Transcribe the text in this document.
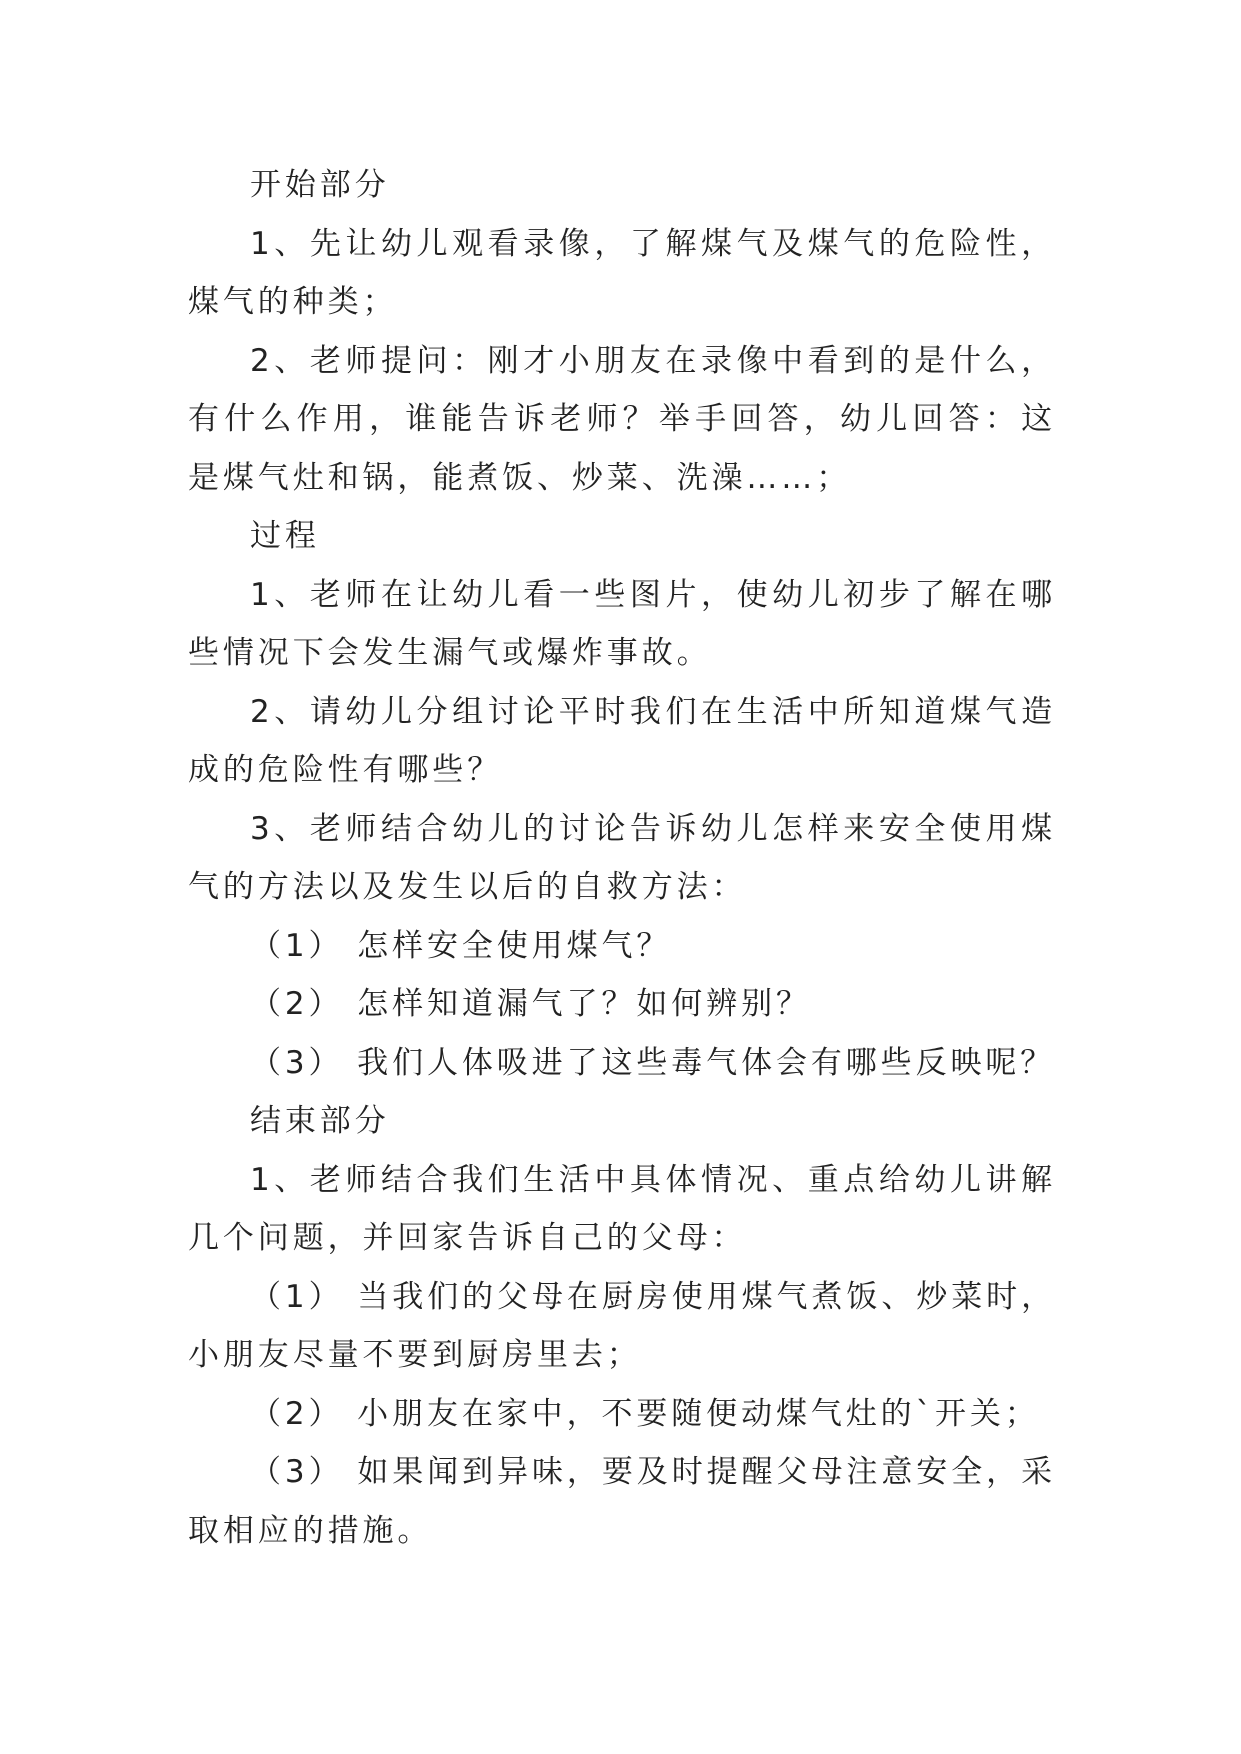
开始部分

1、先让幼儿观看录像，了解煤气及煤气的危险性，煤气的种类；

2、老师提问：刚才小朋友在录像中看到的是什么，有什么作用，谁能告诉老师？举手回答，幼儿回答：这是煤气灶和锅，能煮饭、炒菜、洗澡……；

过程

1、老师在让幼儿看一些图片，使幼儿初步了解在哪些情况下会发生漏气或爆炸事故。

2、请幼儿分组讨论平时我们在生活中所知道煤气造成的危险性有哪些？

3、老师结合幼儿的讨论告诉幼儿怎样来安全使用煤气的方法以及发生以后的自救方法：

（1） 怎样安全使用煤气？

（2） 怎样知道漏气了？如何辨别？

（3） 我们人体吸进了这些毒气体会有哪些反映呢？

结束部分

1、老师结合我们生活中具体情况、重点给幼儿讲解几个问题，并回家告诉自己的父母：

（1） 当我们的父母在厨房使用煤气煮饭、炒菜时，小朋友尽量不要到厨房里去；

（2） 小朋友在家中，不要随便动煤气灶的`开关；

（3） 如果闻到异味，要及时提醒父母注意安全，采取相应的措施。
